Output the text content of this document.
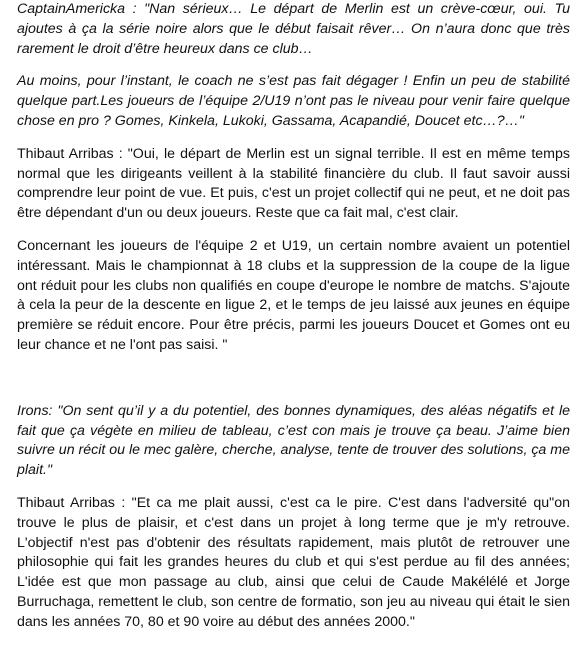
CaptainAmericka : "Nan sérieux… Le départ de Merlin est un crève-cœur, oui. Tu ajoutes à ça la série noire alors que le début faisait rêver… On n’aura donc que très rarement le droit d’être heureux dans ce club…

Au moins, pour l’instant, le coach ne s’est pas fait dégager ! Enfin un peu de stabilité quelque part.Les joueurs de l’équipe 2/U19 n’ont pas le niveau pour venir faire quelque chose en pro ? Gomes, Kinkela, Lukoki, Gassama, Acapandié, Doucet etc…?…"

Thibaut Arribas : "Oui, le départ de Merlin est un signal terrible. Il est en même temps normal que les dirigeants veillent à la stabilité financière du club. Il faut savoir aussi comprendre leur point de vue. Et puis, c'est un projet collectif qui ne peut, et ne doit pas être dépendant d'un ou deux joueurs. Reste que ca fait mal, c'est clair.

Concernant les joueurs de l'équipe 2 et U19, un certain nombre avaient un potentiel intéressant. Mais le championnat à 18 clubs et la suppression de la coupe de la ligue ont réduit pour les clubs non qualifiés en coupe d'europe le nombre de matchs. S'ajoute à cela la peur de la descente en ligue 2, et le temps de jeu laissé aux jeunes en équipe première se réduit encore. Pour être précis, parmi les joueurs Doucet et Gomes ont eu leur chance et ne l'ont pas saisi. "

Irons: "On sent qu’il y a du potentiel, des bonnes dynamiques, des aléas négatifs et le fait que ça végète en milieu de tableau, c’est con mais je trouve ça beau. J’aime bien suivre un récit ou le mec galère, cherche, analyse, tente de trouver des solutions, ça me plait."

Thibaut Arribas : "Et ca me plait aussi, c'est ca le pire. C'est dans l'adversité qu"on trouve le plus de plaisir, et c'est dans un projet à long terme que je m'y retrouve. L'objectif n'est pas d'obtenir des résultats rapidement, mais plutôt de retrouver une philosophie qui fait les grandes heures du club et qui s'est perdue au fil des années; L'idée est que mon passage au club, ainsi que celui de Caude Makélélé et Jorge Burruchaga, remettent le club, son centre de formatio, son jeu au niveau qui était le sien dans les années 70, 80 et 90 voire au début des années 2000."
